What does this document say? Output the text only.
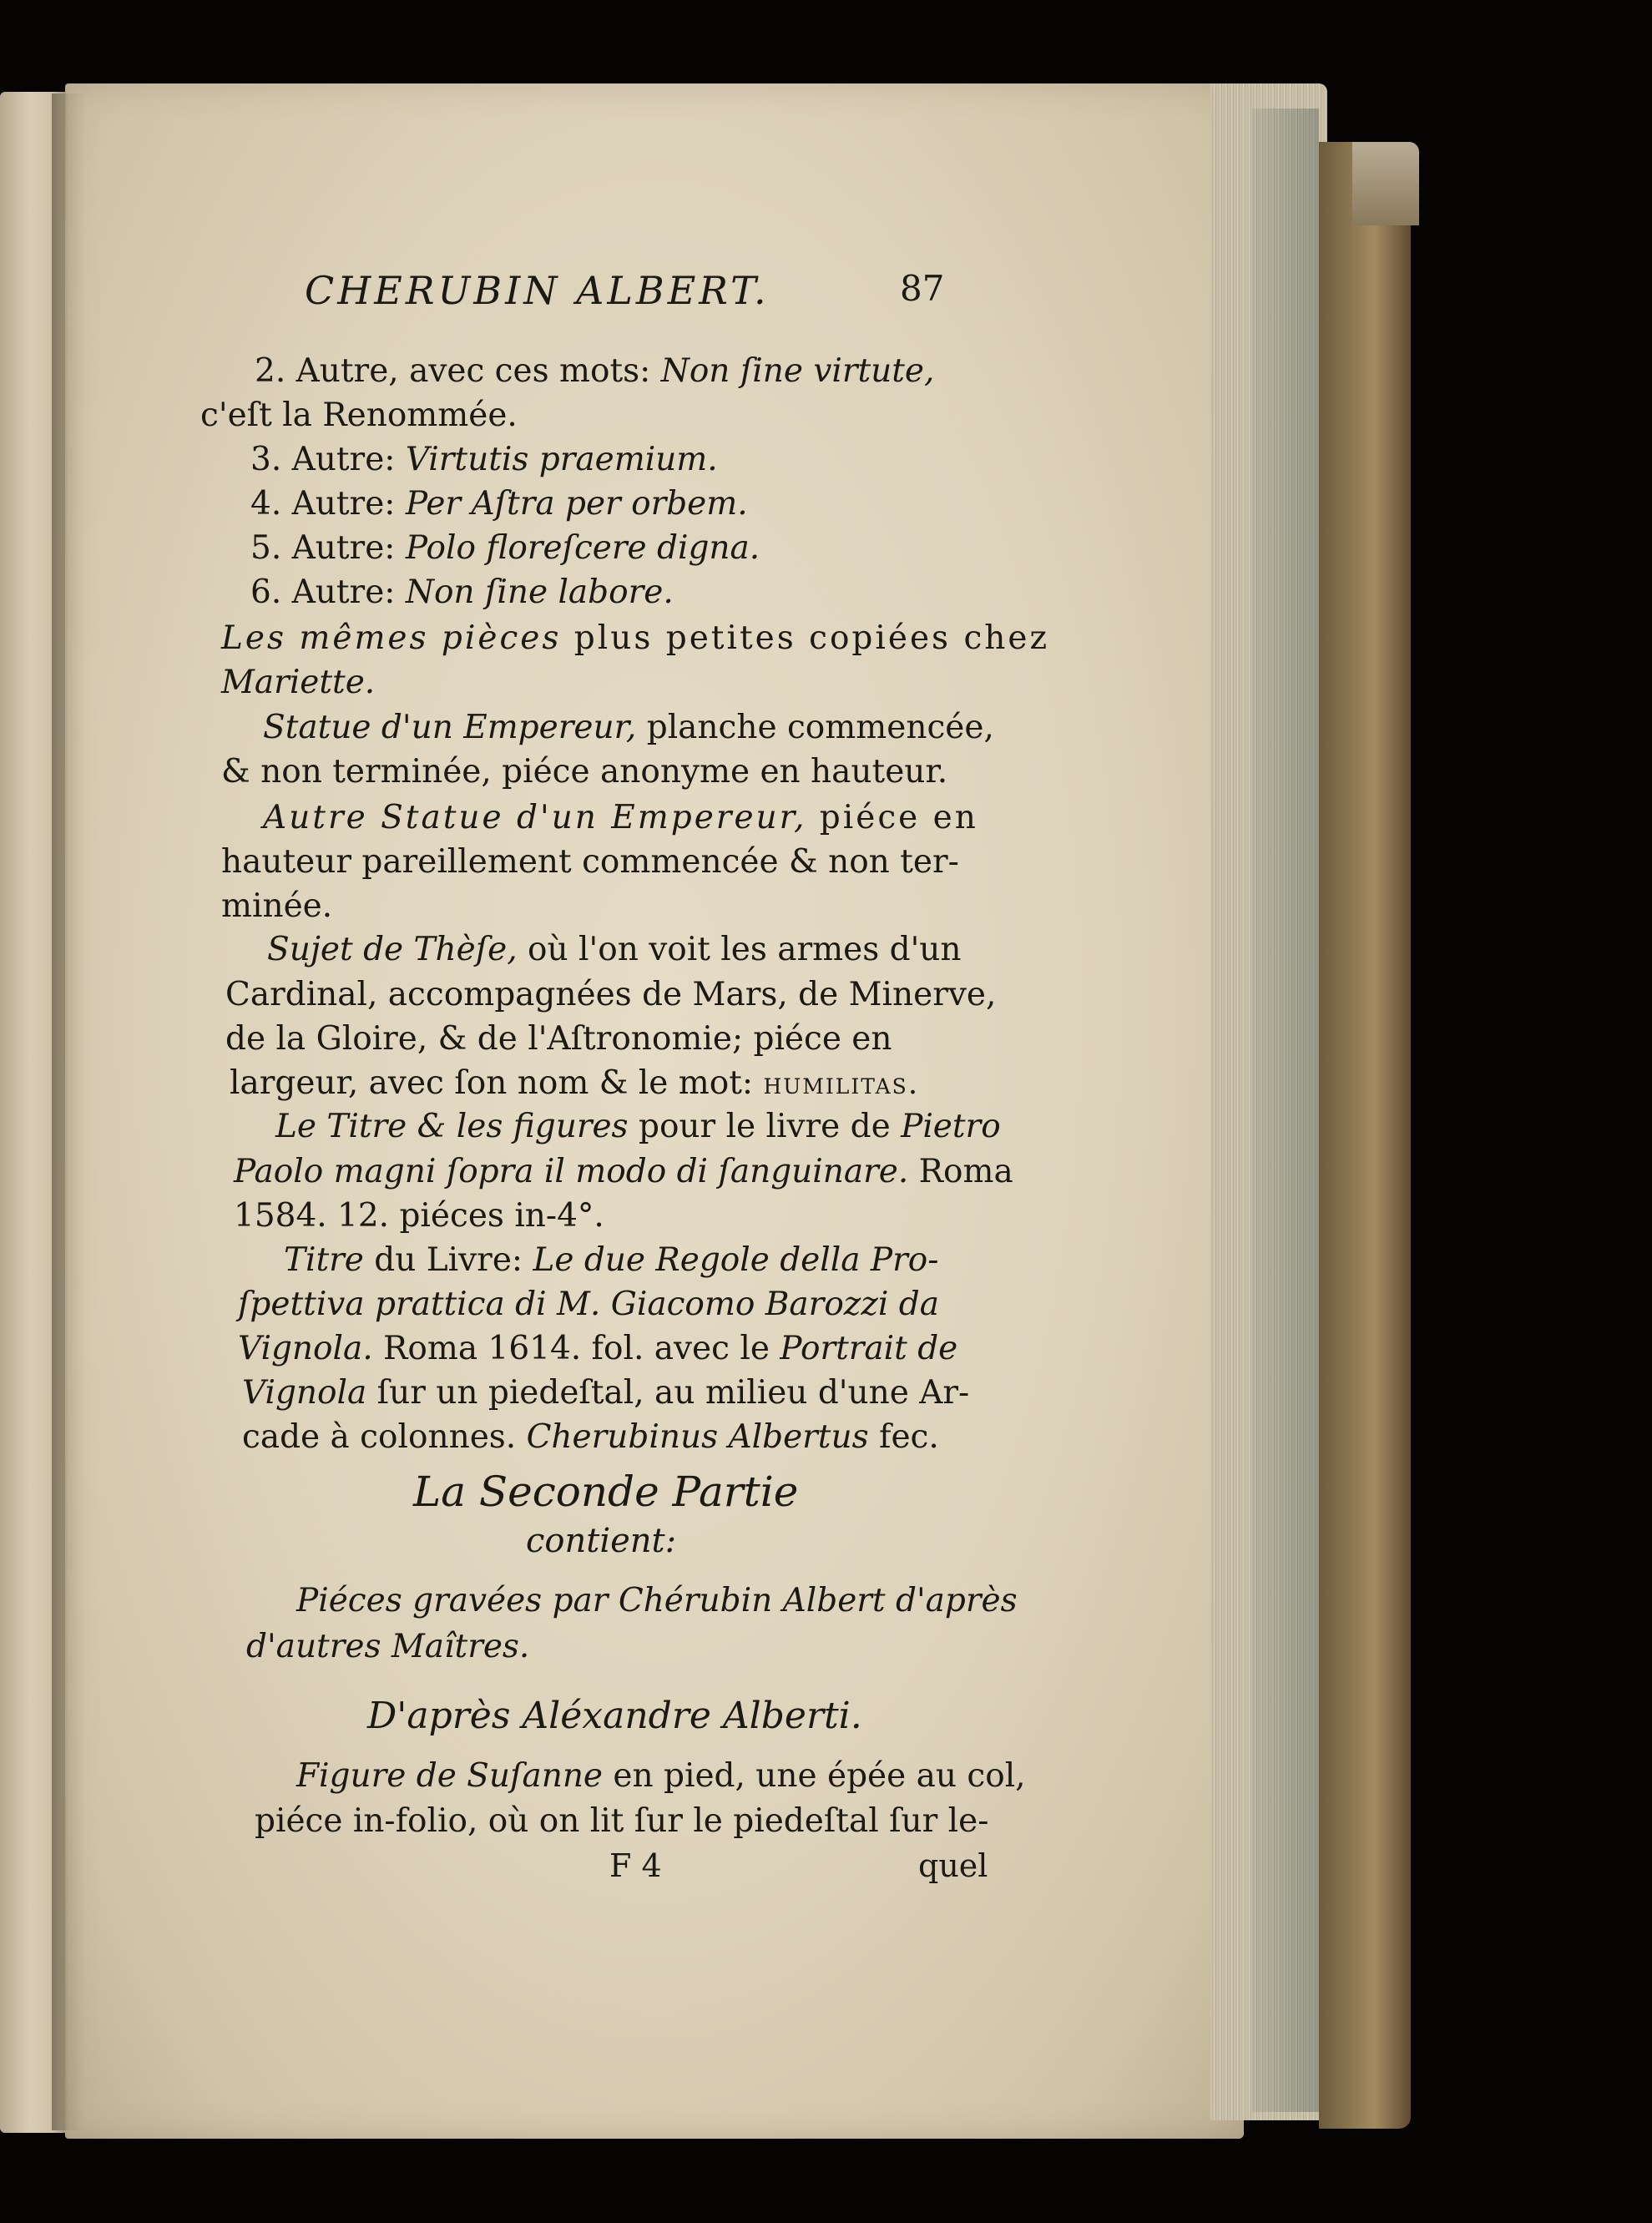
CHERUBIN ALBERT.	87
2. Autre, avec ces mots: Non ſine virtute,
c'eſt la Renommée.
3. Autre: Virtutis praemium.
4. Autre: Per Aſtra per orbem.
5. Autre: Polo floreſcere digna.
6. Autre: Non ſine labore.
Les mêmes pièces plus petites copiées chez
Mariette.
Statue d'un Empereur, planche commencée,
& non terminée, piéce anonyme en hauteur.
Autre Statue d'un Empereur, piéce en
hauteur pareillement commencée & non ter-
minée.
Sujet de Thèſe, où l'on voit les armes d'un
Cardinal, accompagnées de Mars, de Minerve,
de la Gloire, & de l'Aſtronomie; piéce en
largeur, avec ſon nom & le mot: humilitas.
Le Titre & les figures pour le livre de Pietro
Paolo magni ſopra il modo di ſanguinare. Roma
1584. 12. piéces in-4°.
Titre du Livre: Le due Regole della Pro-
ſpettiva prattica di M. Giacomo Barozzi da
Vignola. Roma 1614. fol. avec le Portrait de
Vignola ſur un piedeſtal, au milieu d'une Ar-
cade à colonnes. Cherubinus Albertus fec.
La Seconde Partie
contient:
Piéces gravées par Chérubin Albert d'après
d'autres Maîtres.
D'après Aléxandre Alberti.
Figure de Suſanne en pied, une épée au col,
piéce in-folio, où on lit ſur le piedeſtal ſur le-
F 4	quel
